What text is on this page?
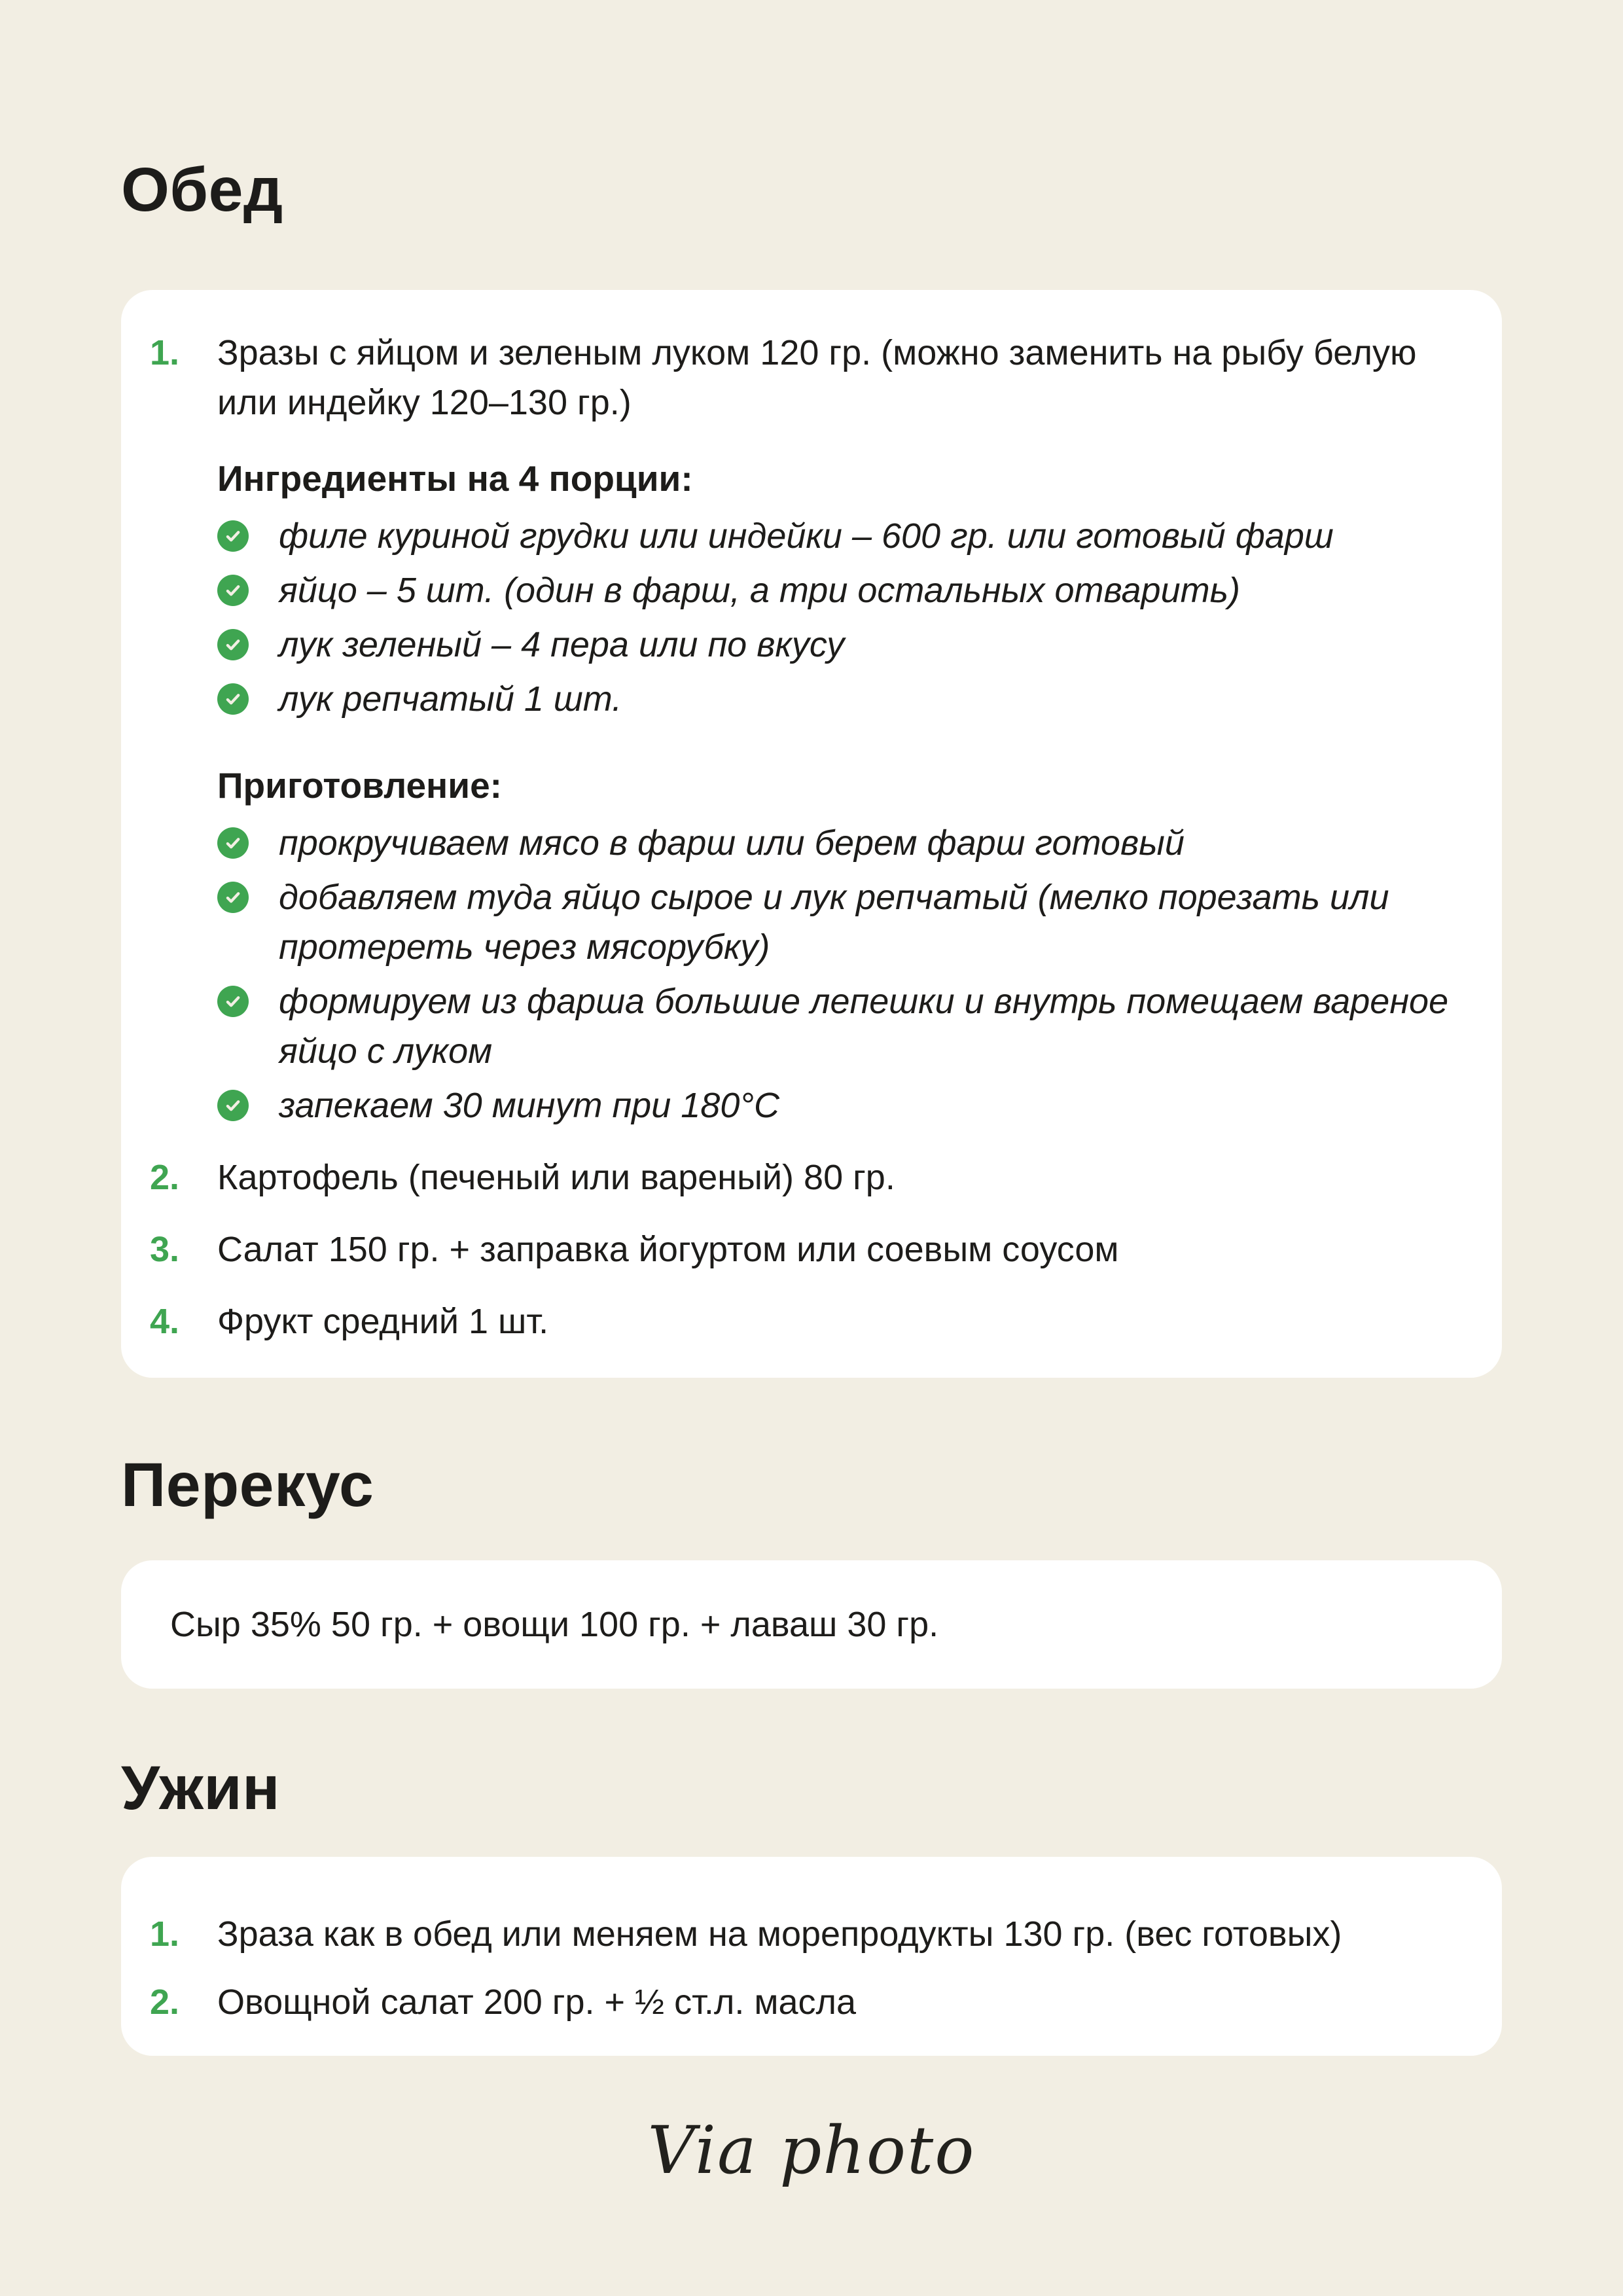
Обед
1.	Зразы с яйцом и зеленым луком 120 гр. (можно заменить на рыбу белую или индейку 120–130 гр.)

Ингредиенты на 4 порции:
филе куриной грудки или индейки – 600 гр. или готовый фарш
яйцо – 5 шт. (один в фарш, а три остальных отварить)
лук зеленый – 4 пера или по вкусу
лук репчатый 1 шт.
Приготовление:
прокручиваем мясо в фарш или берем фарш готовый
добавляем туда яйцо сырое и лук репчатый (мелко порезать или протереть через мясорубку)
формируем из фарша большие лепешки и внутрь помещаем вареное яйцо с луком
запекаем 30 минут при 180°C
2.	Картофель (печеный или вареный) 80 гр.

3.	Салат 150 гр. + заправка йогуртом или соевым соусом

4.	Фрукт средний 1 шт.

Перекус

Сыр 35% 50 гр. + овощи 100 гр. + лаваш 30 гр.

Ужин
1.	Зраза как в обед или меняем на морепродукты 130 гр. (вес готовых)

2.	Овощной салат 200 гр. + ½ ст.л. масла

Via photo
